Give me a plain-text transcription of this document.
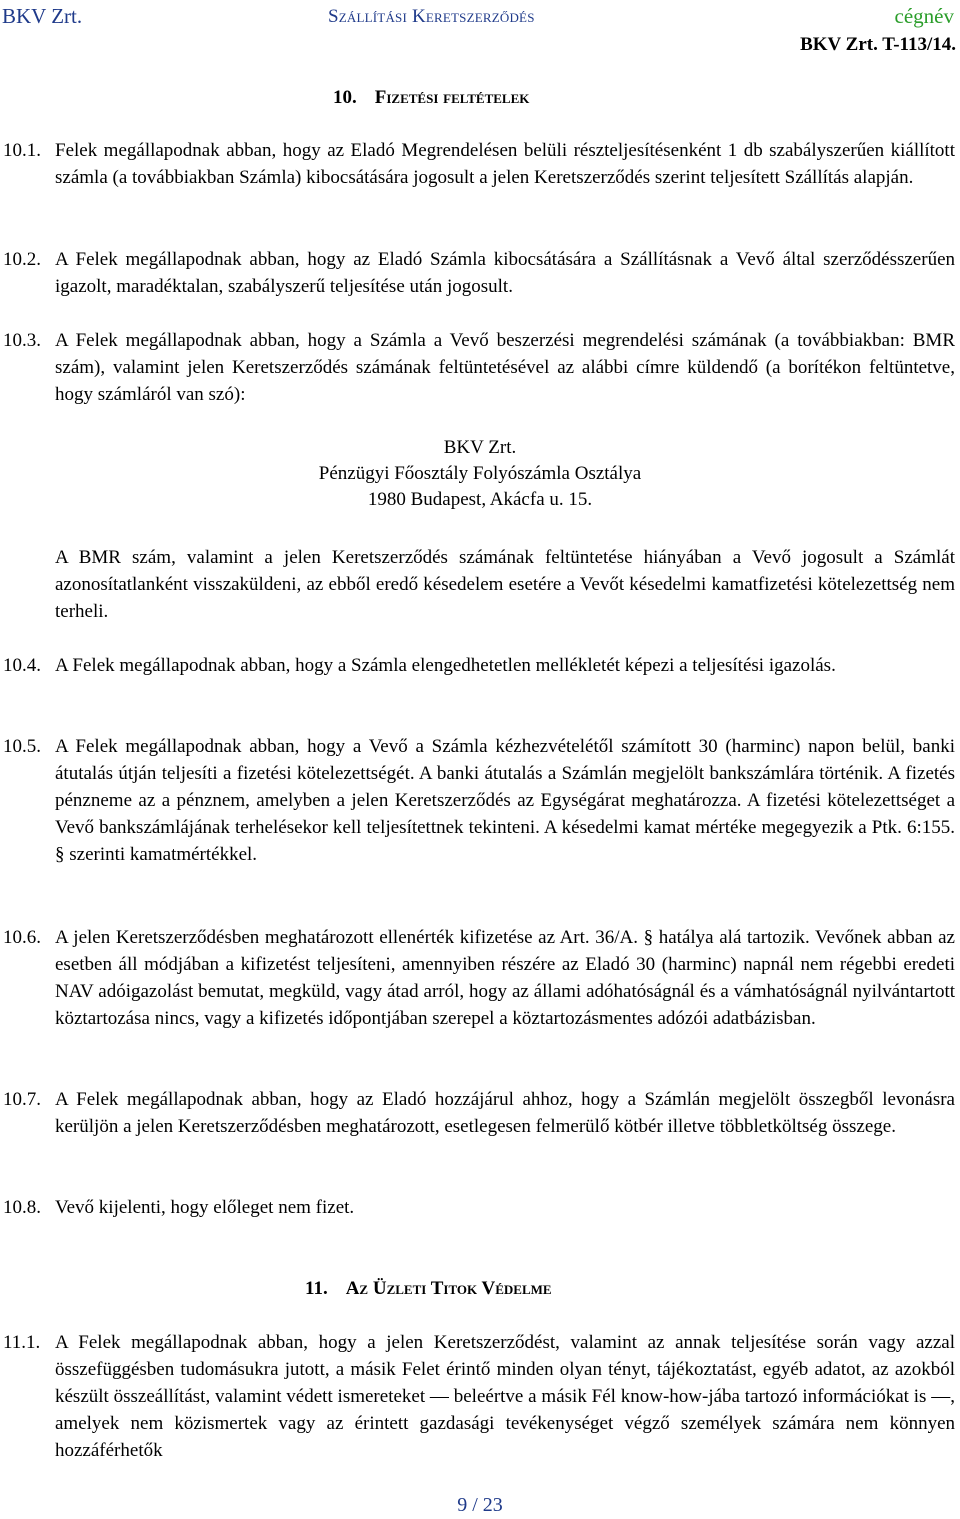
BKV Zrt.	Szállítási Keretszerződés	cégnév
BKV Zrt. T-113/14.
10. Fizetési feltételek
10.1. Felek megállapodnak abban, hogy az Eladó Megrendelésen belüli részteljesítésenként 1 db szabályszerűen kiállított számla (a továbbiakban Számla) kibocsátására jogosult a jelen Keretszerződés szerint teljesített Szállítás alapján.
10.2. A Felek megállapodnak abban, hogy az Eladó Számla kibocsátására a Szállításnak a Vevő által szerződésszerűen igazolt, maradéktalan, szabályszerű teljesítése után jogosult.
10.3. A Felek megállapodnak abban, hogy a Számla a Vevő beszerzési megrendelési számának (a továbbiakban: BMR szám), valamint jelen Keretszerződés számának feltüntetésével az alábbi címre küldendő (a borítékon feltüntetve, hogy számláról van szó):
BKV Zrt.
Pénzügyi Főosztály Folyószámla Osztálya
1980 Budapest, Akácfa u. 15.
A BMR szám, valamint a jelen Keretszerződés számának feltüntetése hiányában a Vevő jogosult a Számlát azonosítatlanként visszaküldeni, az ebből eredő késedelem esetére a Vevőt késedelmi kamatfizetési kötelezettség nem terheli.
10.4. A Felek megállapodnak abban, hogy a Számla elengedhetetlen mellékletét képezi a teljesítési igazolás.
10.5. A Felek megállapodnak abban, hogy a Vevő a Számla kézhezvételétől számított 30 (harminc) napon belül, banki átutalás útján teljesíti a fizetési kötelezettségét. A banki átutalás a Számlán megjelölt bankszámlára történik. A fizetés pénzneme az a pénznem, amelyben a jelen Keretszerződés az Egységárat meghatározza. A fizetési kötelezettséget a Vevő bankszámlájának terhelésekor kell teljesítettnek tekinteni. A késedelmi kamat mértéke megegyezik a Ptk. 6:155. § szerinti kamatmértékkel.
10.6. A jelen Keretszerződésben meghatározott ellenérték kifizetése az Art. 36/A. § hatálya alá tartozik. Vevőnek abban az esetben áll módjában a kifizetést teljesíteni, amennyiben részére az Eladó 30 (harminc) napnál nem régebbi eredeti NAV adóigazolást bemutat, megküld, vagy átad arról, hogy az állami adóhatóságnál és a vámhatóságnál nyilvántartott köztartozása nincs, vagy a kifizetés időpontjában szerepel a köztartozásmentes adózói adatbázisban.
10.7. A Felek megállapodnak abban, hogy az Eladó hozzájárul ahhoz, hogy a Számlán megjelölt összegből levonásra kerüljön a jelen Keretszerződésben meghatározott, esetlegesen felmerülő kötbér illetve többletköltség összege.
10.8. Vevő kijelenti, hogy előleget nem fizet.
11. Az Üzleti Titok Védelme
11.1. A Felek megállapodnak abban, hogy a jelen Keretszerződést, valamint az annak teljesítése során vagy azzal összefüggésben tudomásukra jutott, a másik Felet érintő minden olyan tényt, tájékoztatást, egyéb adatot, az azokból készült összeállítást, valamint védett ismereteket — beleértve a másik Fél know-how-jába tartozó információkat is —, amelyek nem közismertek vagy az érintett gazdasági tevékenységet végző személyek számára nem könnyen hozzáférhetők
9 / 23
